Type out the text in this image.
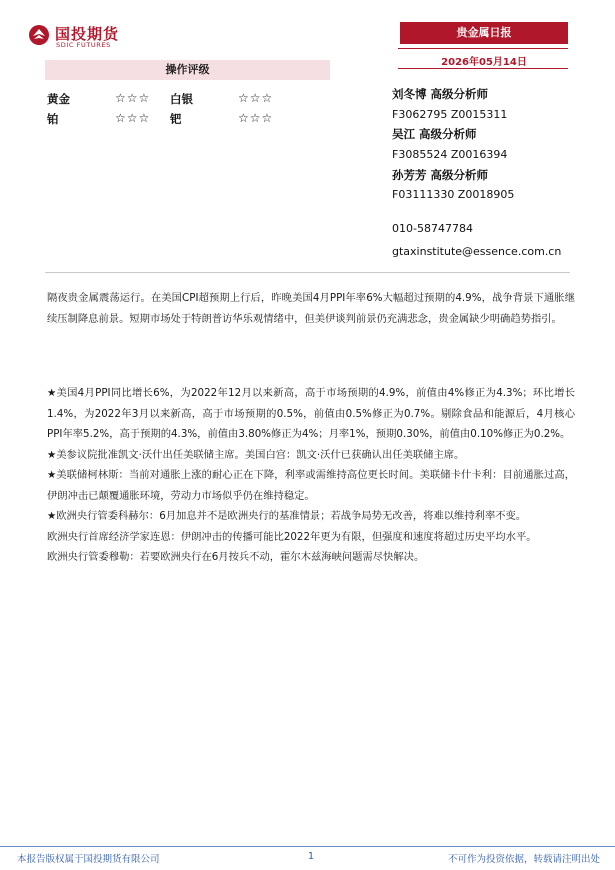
国投期货
SDIC FUTURES
贵金属日报
2026年05月14日
操作评级
黄金	☆☆☆ 白银	☆☆☆
铂	☆☆☆ 钯	☆☆☆
刘冬博 高级分析师
F3062795 Z0015311
吴江 高级分析师
F3085524 Z0016394
孙芳芳 高级分析师
F03111330 Z0018905
010-58747784
gtaxinstitute@essence.com.cn

隔夜贵金属震荡运行。在美国CPI超预期上行后，昨晚美国4月PPI年率6%大幅超过预期的4.9%，战争背景下通胀继续压制降息前景。短期市场处于特朗普访华乐观情绪中，但美伊谈判前景仍充满悲念，贵金属缺少明确趋势指引。

★美国4月PPI同比增长6%，为2022年12月以来新高，高于市场预期的4.9%，前值由4%修正为4.3%；环比增长1.4%，为2022年3月以来新高，高于市场预期的0.5%，前值由0.5%修正为0.7%。剔除食品和能源后，4月核心PPI年率5.2%，高于预期的4.3%，前值由3.80%修正为4%；月率1%，预期0.30%，前值由0.10%修正为0.2%。

★美参议院批准凯文·沃什出任美联储主席。美国白宫：凯文·沃什已获确认出任美联储主席。

★美联储柯林斯：当前对通胀上涨的耐心正在下降，利率或需维持高位更长时间。美联储卡什卡利：目前通胀过高，伊朗冲击已颠覆通胀环境，劳动力市场似乎仍在维持稳定。

★欧洲央行管委科赫尔：6月加息并不是欧洲央行的基准情景；若战争局势无改善，将难以维持利率不变。

欧洲央行首席经济学家连恩：伊朗冲击的传播可能比2022年更为有限，但强度和速度将超过历史平均水平。

欧洲央行管委穆勒：若要欧洲央行在6月按兵不动，霍尔木兹海峡问题需尽快解决。

本报告版权属于国投期货有限公司	1	不可作为投资依据，转载请注明出处
